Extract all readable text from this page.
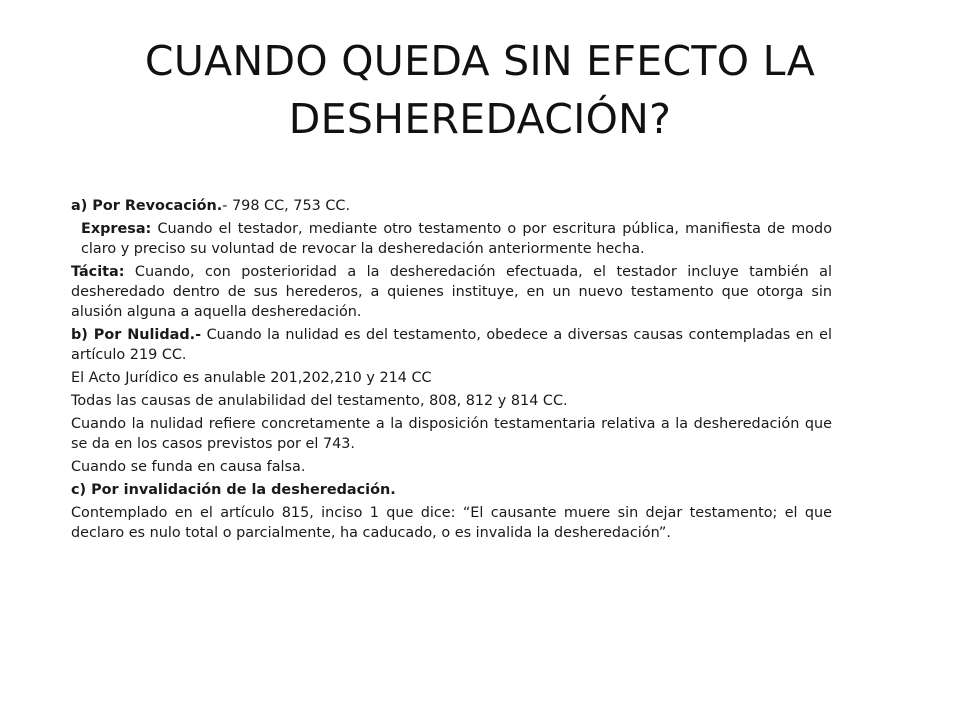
CUANDO QUEDA SIN EFECTO LA
DESHEREDACIÓN?

a) Por Revocación.- 798 CC, 753 CC.

Expresa: Cuando el testador, mediante otro testamento o por escritura pública, manifiesta de modo claro y preciso su voluntad de revocar la desheredación anteriormente hecha.

Tácita: Cuando, con posterioridad a la desheredación efectuada, el testador incluye también al desheredado dentro de sus herederos, a quienes instituye, en un nuevo testamento que otorga sin alusión alguna a aquella desheredación.

b) Por Nulidad.- Cuando la nulidad es del testamento, obedece a diversas causas contempladas en el artículo 219 CC.

El Acto Jurídico es anulable 201,202,210 y 214 CC

Todas las causas de anulabilidad del testamento, 808, 812 y 814 CC.

Cuando la nulidad refiere concretamente a la disposición testamentaria relativa a la desheredación que se da en los casos previstos por el 743.

Cuando se funda en causa falsa.

c) Por invalidación de la desheredación.

Contemplado en el artículo 815, inciso 1 que dice: “El causante muere sin dejar testamento; el que declaro es nulo total o parcialmente, ha caducado, o es invalida la desheredación”.
